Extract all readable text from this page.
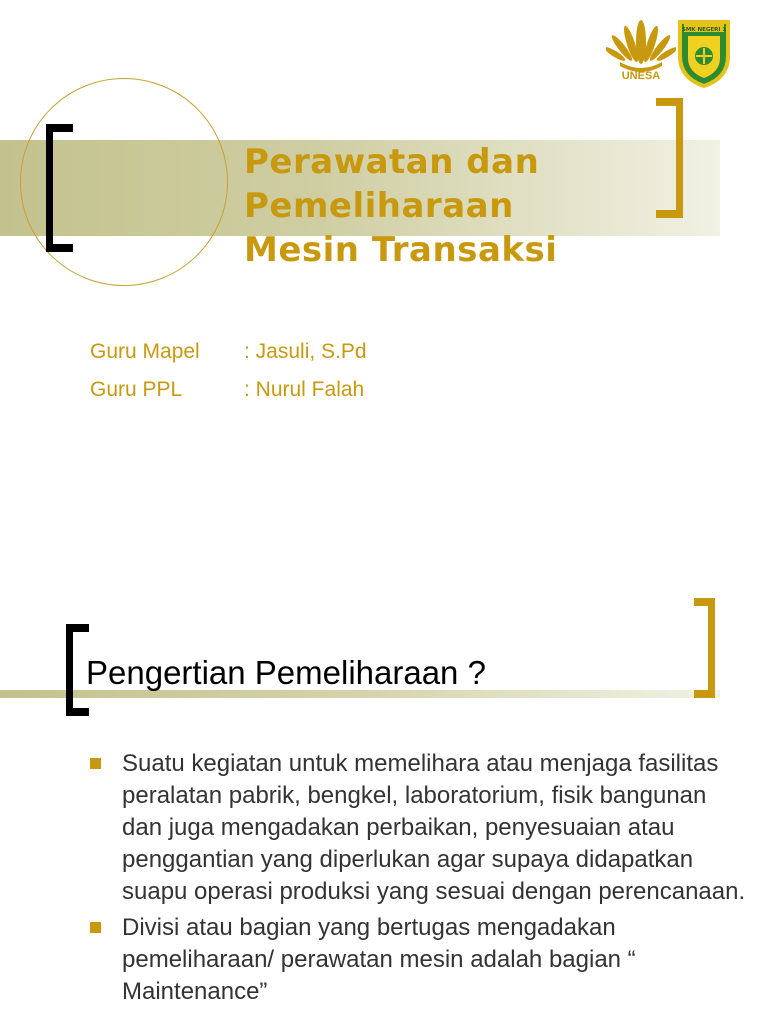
UNESA
SMK NEGERI 1
Perawatan dan
Pemeliharaan
Mesin Transaksi
Guru Mapel : Jasuli, S.Pd
Guru PPL	: Nurul Falah
Pengertian Pemeliharaan ?
Suatu kegiatan untuk memelihara atau menjaga fasilitas peralatan pabrik, bengkel, laboratorium, fisik bangunan dan juga mengadakan perbaikan, penyesuaian atau penggantian yang diperlukan agar supaya didapatkan suapu operasi produksi yang sesuai dengan perencanaan.
Divisi atau bagian yang bertugas mengadakan pemeliharaan/ perawatan mesin adalah bagian “ Maintenance”
